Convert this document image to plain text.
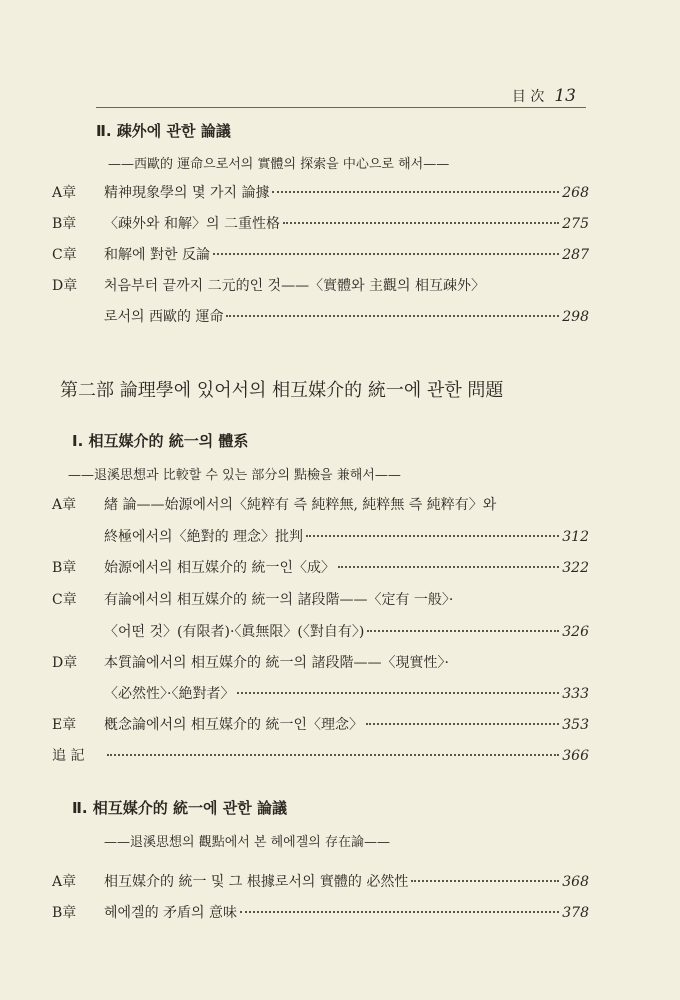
目 次 13
Ⅱ. 疎外에 관한 論議
——西歐的 運命으로서의 實體의 探索을 中心으로 해서——
A章	精神現象學의 몇 가지 論據	268
B章	〈疎外와 和解〉의 二重性格	275
C章	和解에 對한 反論	287
D章	처음부터 끝까지 二元的인 것——〈實體와 主觀의 相互疎外〉
로서의 西歐的 運命	298
第二部 論理學에 있어서의 相互媒介的 統一에 관한 問題
Ⅰ. 相互媒介的 統一의 體系
——退溪思想과 比較할 수 있는 部分의 點檢을 兼해서——
A章	緖 論——始源에서의〈純粹有 즉 純粹無, 純粹無 즉 純粹有〉와
終極에서의〈絶對的 理念〉批判	312
B章	始源에서의 相互媒介的 統一인〈成〉	322
C章	有論에서의 相互媒介的 統一의 諸段階——〈定有 一般〉·
〈어떤 것〉(有限者)·〈眞無限〉(〈對自有〉)	326
D章	本質論에서의 相互媒介的 統一의 諸段階——〈現實性〉·
〈必然性〉·〈絶對者〉	333
E章	槪念論에서의 相互媒介的 統一인〈理念〉	353
追 記	366
Ⅱ. 相互媒介的 統一에 관한 論議
——退溪思想의 觀點에서 본 헤에겔의 存在論——
A章	相互媒介的 統一 및 그 根據로서의 實體的 必然性	368
B章	헤에겔的 矛盾의 意味	378
